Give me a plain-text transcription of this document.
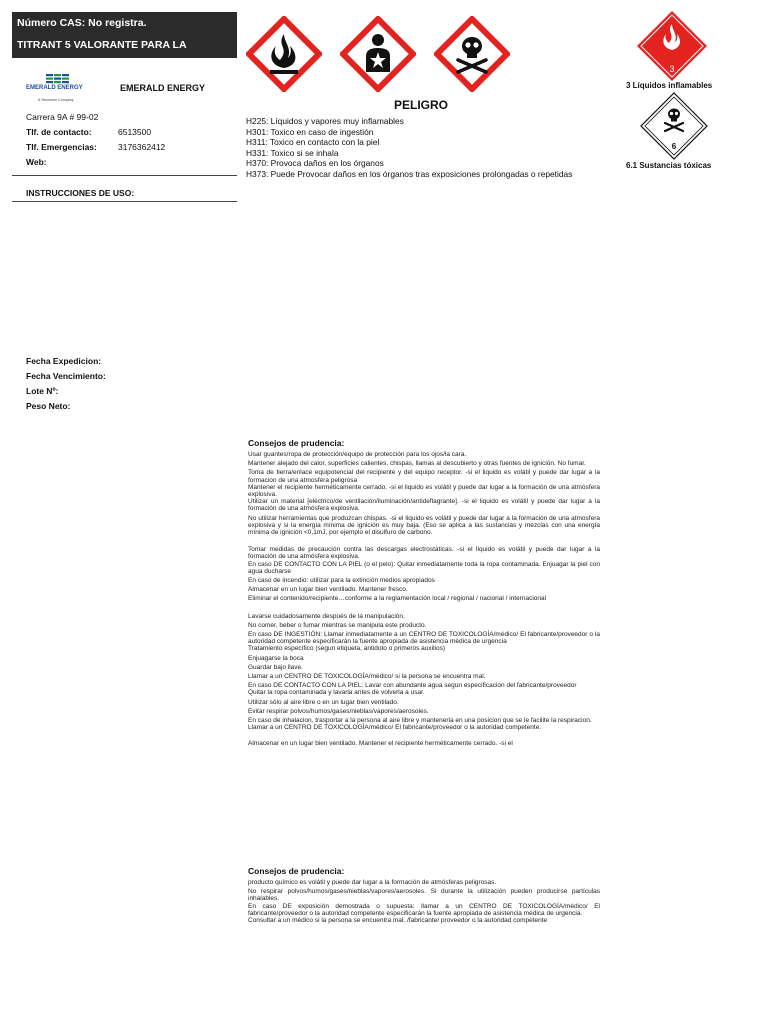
Número CAS: No registra.
TITRANT 5 VALORANTE PARA LA
EMERALD ENERGY
A Sinochem Company
EMERALD ENERGY
Carrera 9A # 99-02
Tlf. de contacto:	6513500
Tlf. Emergencias: 3176362412
Web:
INSTRUCCIONES DE USO:
Fecha Expedicion:
Fecha Vencimiento:
Lote Nº:
Peso Neto:
PELIGRO
H225: Líquidos y vapores muy inflamables
H301: Toxico en caso de ingestión
H311: Toxico en contacto con la piel
H331: Toxico si se inhala
H370: Provoca daños en los órganos
H373: Puede Provocar daños en los órganos tras exposiciones prolongadas o repetidas
3
3 Líquidos inflamables
6
6.1 Sustancias tóxicas
Consejos de prudencia:
Usar guantes/ropa de protección/equipo de protección para los ojos/la cara.
Mantener alejado del calor, superficies calientes, chispas, llamas al descubierto y otras fuentes de ignición. No fumar.
Toma de tierra/enlace equipotencial del recipiente y del equipo receptor. -si el liquido es volátil y puede dar lugar a la formacion de una atmosfera peligrosa
Mantener el recipiente herméticamente cerrado. -si el liquido es volátil y puede dar lugar a la formación de una atmósfera explosiva.
Utilizar un material [eléctrico/de ventilación/iluminación/antideflagrante]. -si el liquido es volátil y puede dar lugar a la formación de una atmósfera explosiva.
No utilizar herramientas que produzcan chispas. -si el liquido es volátil y puede dar lugar a la formación de una atmosfera explosiva y si la energía mínima de ignición es muy baja. (Eso se aplica a las sustancias y mezclas con una energía mínima de ignición <0,1mJ, por ejemplo el disulfuro de carbono.
Tomar medidas de precaución contra las descargas electrostáticas. -si el liquido es volátil y puede dar lugar a la formación de una atmósfera explosiva.
En caso DE CONTACTO CON LA PIEL (o el pelo): Quitar inmediatamente toda la ropa contaminada. Enjuagar la piel con agua ducharse
En caso de incendio: utilizar para la extinción medios apropiados
Almacenar en un lugar bien ventilado. Mantener fresco.
Eliminar el contenido/recipiente…conforme a la reglamentación local / regional / nacional / internacional
Lavarse cuidadosamente después de la manipulación.
No comer, beber o fumar mientras se manipula este producto.
En caso DE INGESTIÓN: Llamar inmediatamente a un CENTRO DE TOXICOLOGÍA/médico/ El fabricante/proveedor o la autoridad competente especificarán la fuente apropiada de asistencia médica de urgencia
Tratamiento específico (segun etiqueta, antidoto o primeros auxilios)
Enjuagarse la boca
Guardar bajo llave.
Llamar a un CENTRO DE TOXICOLOGÍA/médico/ si la persona se encuentra mal.
En caso DE CONTACTO CON LA PIEL: Lavar con abundante agua segun especificacion del fabricante/proveedor
Quitar la ropa contaminada y lavarla antes de volverla a usar.
Utilizar sólo al aire libre o en un lugar bien ventilado.
Evitar respirar polvos/humos/gases/nieblas/vapores/aerosoles.
En caso de inhalacion, trasportar a la persona al aire libre y mantenerla en una posicion que se le facilite la respiracion.
Llamar a un CENTRO DE TOXICOLOGÍA/médico/ El fabricante/proveedor o la autoridad competente.
Almacenar en un lugar bien ventilado. Mantener el recipiente herméticamente cerrado. -si el
Consejos de prudencia:
producto químico es volátil y puede dar lugar a la formación de atmósferas peligrosas.
No respirar polvos/humos/gases/nieblas/vapores/aerosoles. Si durante la utilización pueden producirse partículas inhalables.
En caso DE exposición demostrada o supuesta: llamar a un CENTRO DE TOXICOLOGÍA/médico/ El fabricante/proveedor o la autoridad competente especificarán la fuente apropiada de asistencia médica de urgencia.
Consultar a un médico si la persona se encuentra mal. /fabricante/ proveedor o la autoridad competente
